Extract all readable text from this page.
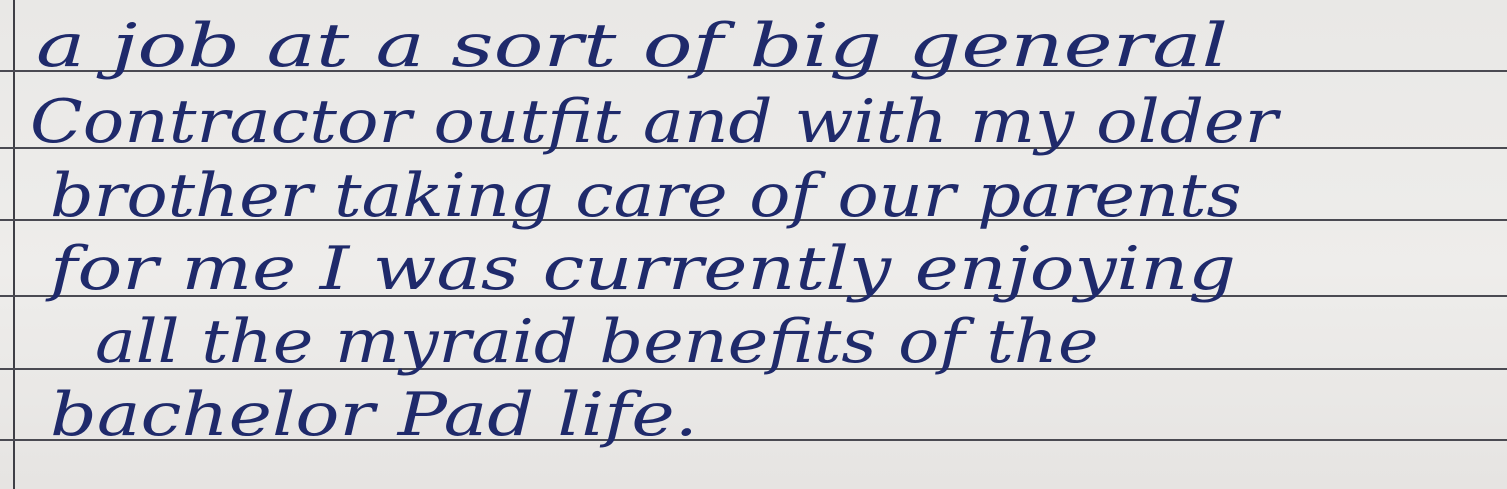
a job at a sort of big general
Contractor outfit and with my older
brother taking care of our parents
for me I was currently enjoying
all the myraid benefits of the
bachelor Pad life.
